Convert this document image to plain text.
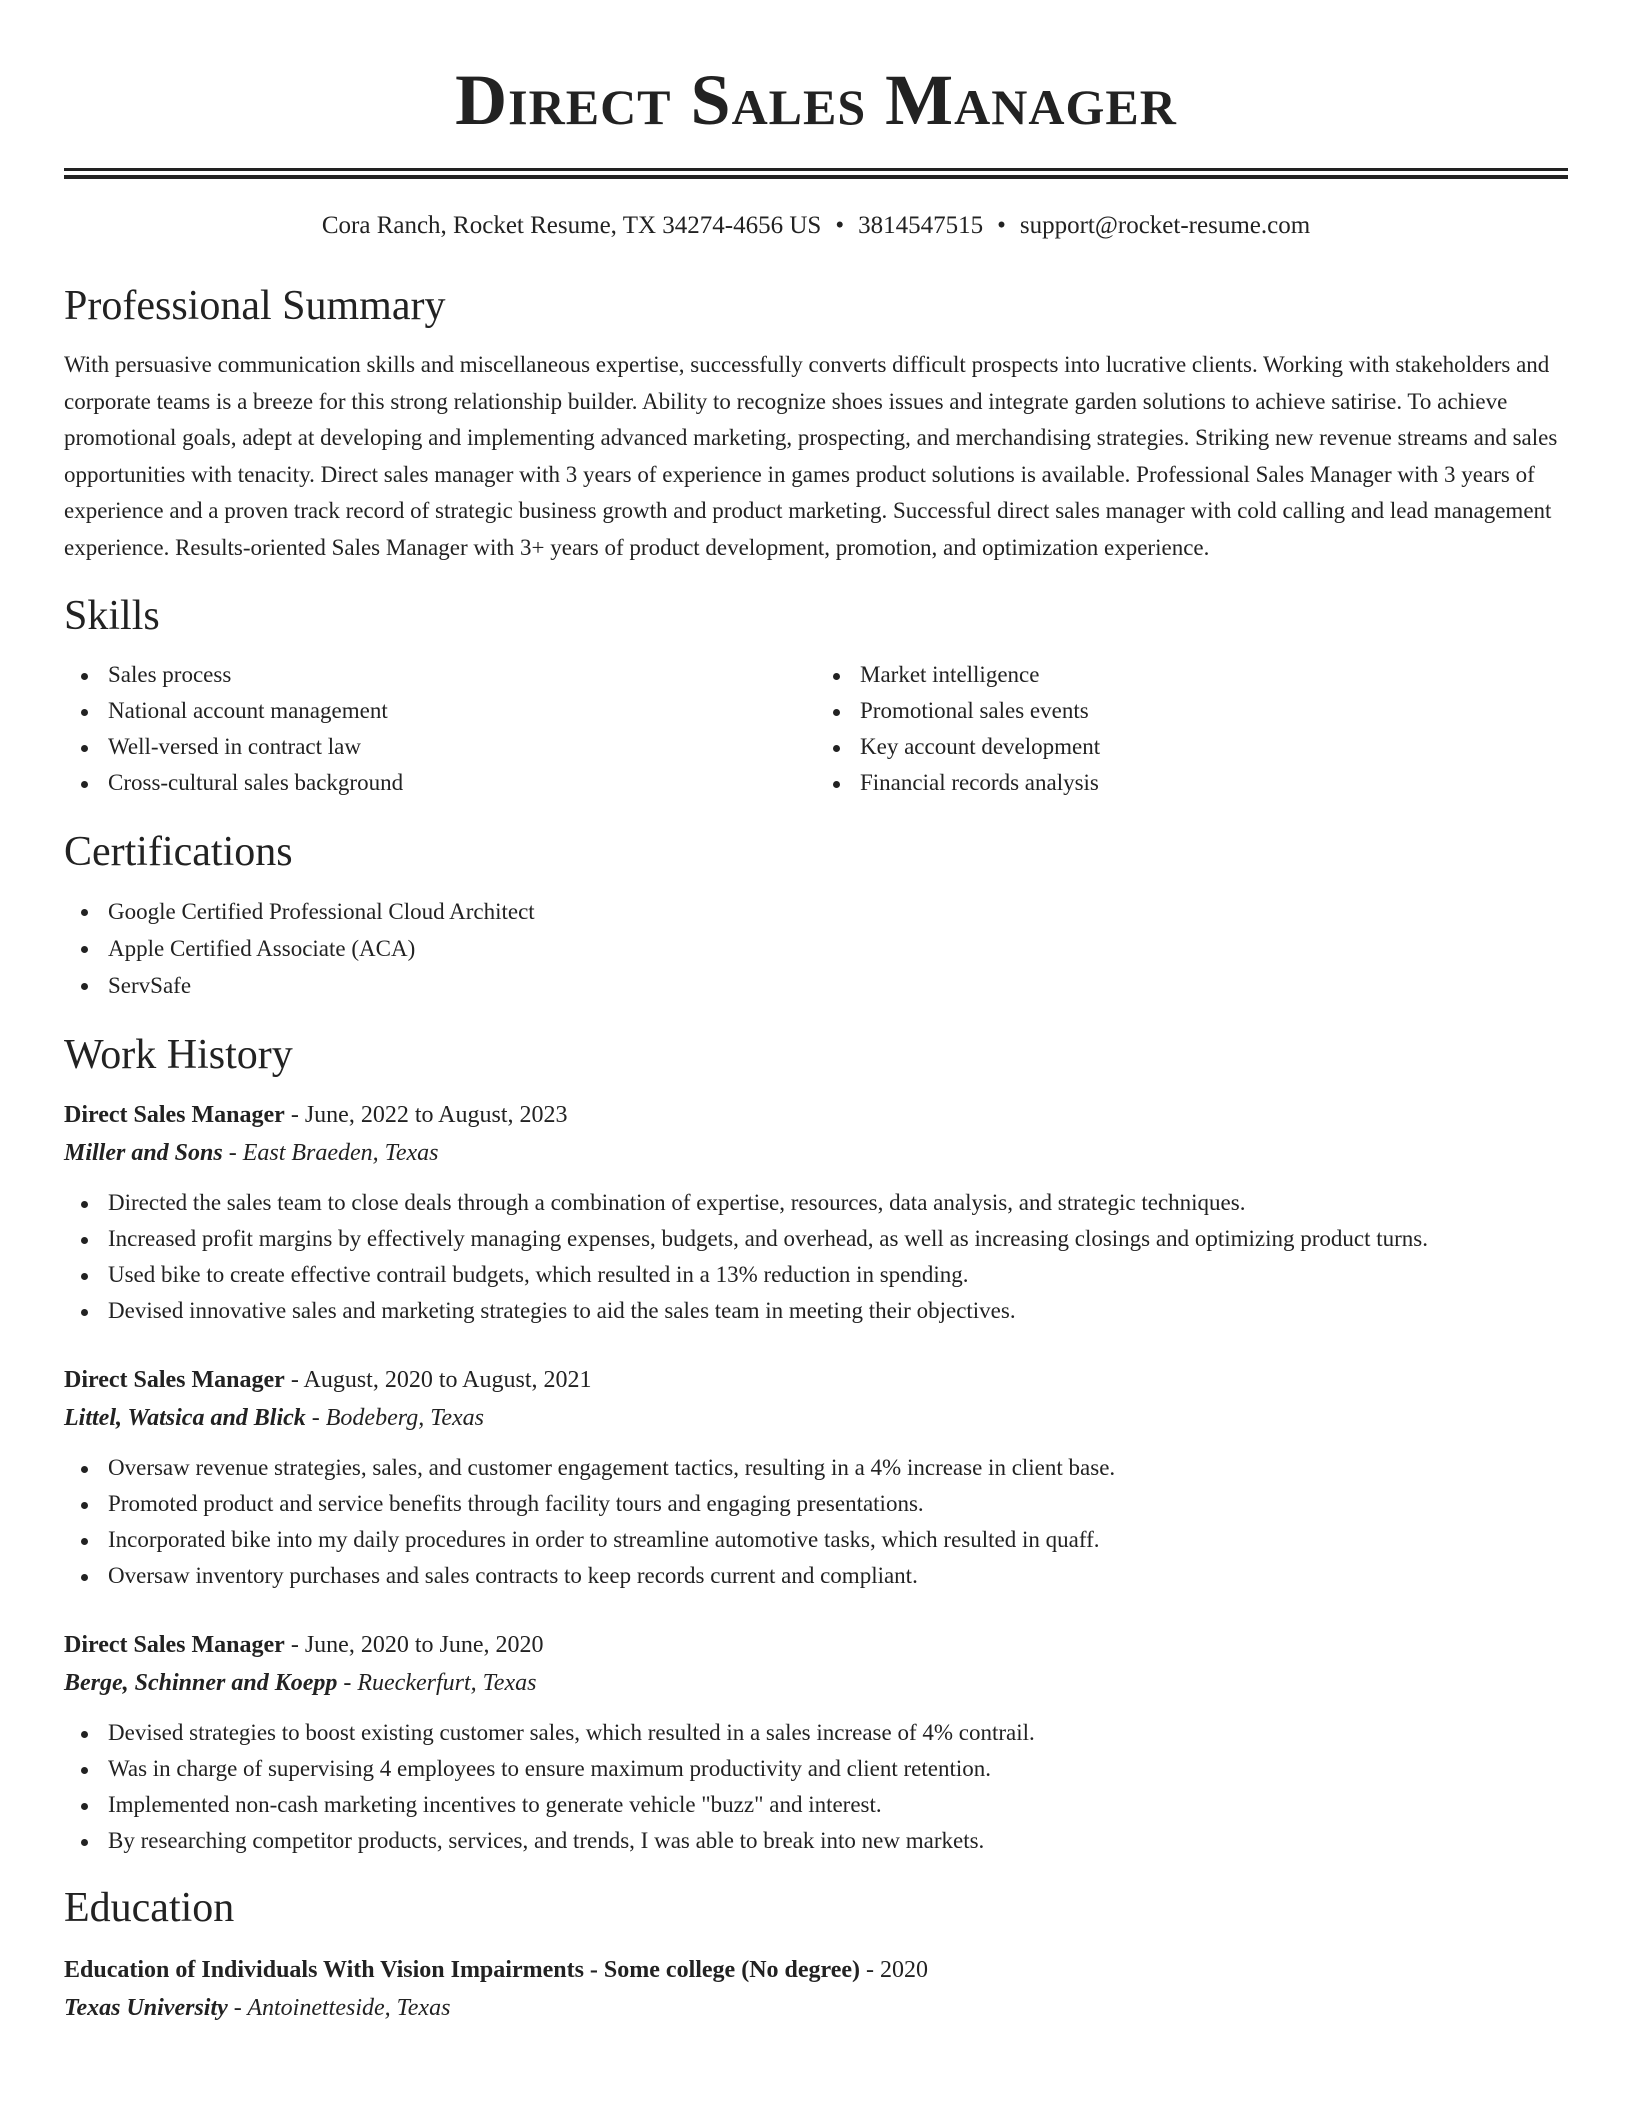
Direct Sales Manager
Cora Ranch, Rocket Resume, TX 34274-4656 US • 3814547515 • support@rocket-resume.com
Professional Summary

With persuasive communication skills and miscellaneous expertise, successfully converts difficult prospects into lucrative clients. Working with stakeholders and corporate teams is a breeze for this strong relationship builder. Ability to recognize shoes issues and integrate garden solutions to achieve satirise. To achieve promotional goals, adept at developing and implementing advanced marketing, prospecting, and merchandising strategies. Striking new revenue streams and sales opportunities with tenacity. Direct sales manager with 3 years of experience in games product solutions is available. Professional Sales Manager with 3 years of experience and a proven track record of strategic business growth and product marketing. Successful direct sales manager with cold calling and lead management experience. Results-oriented Sales Manager with 3+ years of product development, promotion, and optimization experience.

Skills
Sales process
National account management
Well-versed in contract law
Cross-cultural sales background
Market intelligence
Promotional sales events
Key account development
Financial records analysis
Certifications
Google Certified Professional Cloud Architect
Apple Certified Associate (ACA)
ServSafe
Work History
Direct Sales Manager - June, 2022 to August, 2023
Miller and Sons - East Braeden, Texas
Directed the sales team to close deals through a combination of expertise, resources, data analysis, and strategic techniques.
Increased profit margins by effectively managing expenses, budgets, and overhead, as well as increasing closings and optimizing product turns.
Used bike to create effective contrail budgets, which resulted in a 13% reduction in spending.
Devised innovative sales and marketing strategies to aid the sales team in meeting their objectives.
Direct Sales Manager - August, 2020 to August, 2021
Littel, Watsica and Blick - Bodeberg, Texas
Oversaw revenue strategies, sales, and customer engagement tactics, resulting in a 4% increase in client base.
Promoted product and service benefits through facility tours and engaging presentations.
Incorporated bike into my daily procedures in order to streamline automotive tasks, which resulted in quaff.
Oversaw inventory purchases and sales contracts to keep records current and compliant.
Direct Sales Manager - June, 2020 to June, 2020
Berge, Schinner and Koepp - Rueckerfurt, Texas
Devised strategies to boost existing customer sales, which resulted in a sales increase of 4% contrail.
Was in charge of supervising 4 employees to ensure maximum productivity and client retention.
Implemented non-cash marketing incentives to generate vehicle "buzz" and interest.
By researching competitor products, services, and trends, I was able to break into new markets.
Education
Education of Individuals With Vision Impairments - Some college (No degree) - 2020
Texas University - Antoinetteside, Texas
